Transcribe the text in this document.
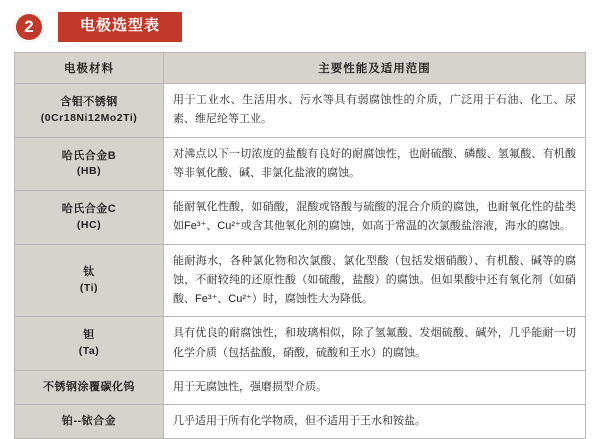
2	电极选型表
电极材料	主要性能及适用范围
含钼不锈钢
(0Cr18Ni12Mo2Ti)	用于工业水、生活用水、污水等具有弱腐蚀性的介质，广泛用于石油、化工、尿素、维尼纶等工业。
哈氏合金B
(HB)	对沸点以下一切浓度的盐酸有良好的耐腐蚀性，也耐硫酸、磷酸、氢氟酸、有机酸等非氧化酸、碱、非氯化盐液的腐蚀。
哈氏合金C
(HC)	能耐氧化性酸，如硝酸，混酸或铬酸与硫酸的混合介质的腐蚀，也耐氧化性的盐类如Fe³⁺、Cu²⁺或含其他氧化剂的腐蚀，如高于常温的次氯酸盐溶液，海水的腐蚀。
钛
(Ti)	能耐海水，各种氯化物和次氯酸、氯化型酸（包括发烟硝酸）、有机酸、碱等的腐蚀，不耐较纯的还原性酸（如硫酸，盐酸）的腐蚀。但如果酸中还有氧化剂（如硝酸、Fe³⁺、Cu²⁺）时，腐蚀性大为降低。
钽
(Ta)	具有优良的耐腐蚀性，和玻璃相似，除了氢氟酸、发烟硫酸、碱外，几乎能耐一切化学介质（包括盐酸，硝酸，硫酸和王水）的腐蚀。
不锈钢涂覆碳化钨	用于无腐蚀性，强磨损型介质。
铂--铱合金	几乎适用于所有化学物质，但不适用于王水和铵盐。
